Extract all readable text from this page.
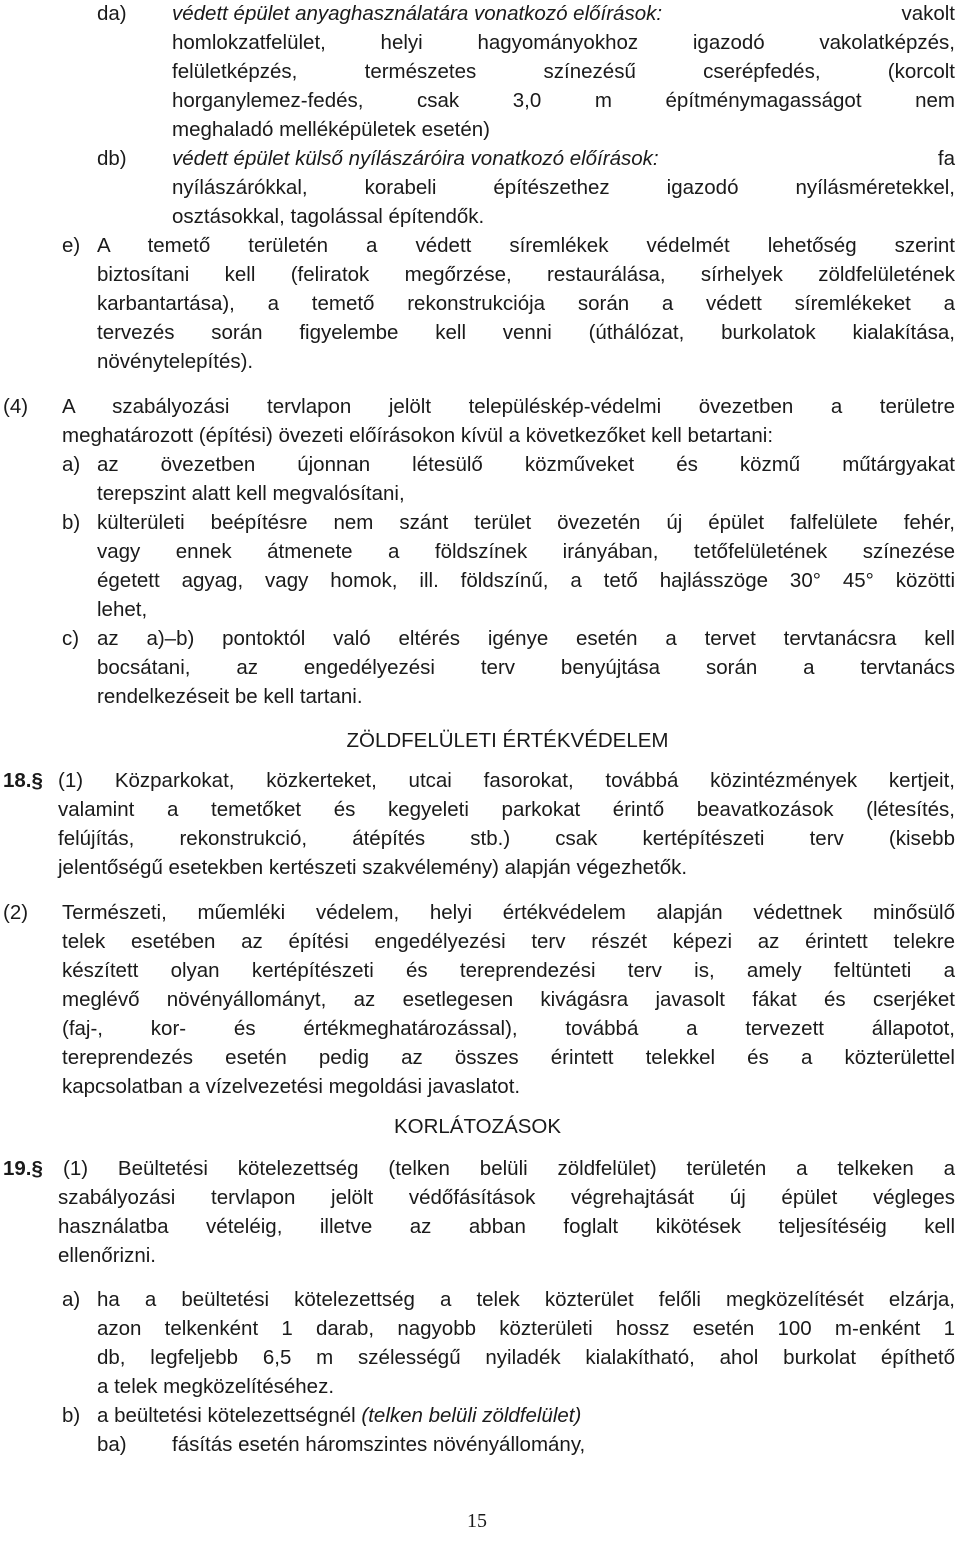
da) védett épület anyaghasználatára vonatkozó előírások:	vakolt
homlokzatfelület, helyi hagyományokhoz igazodó vakolatképzés,
felületképzés, természetes színezésű cserépfedés, (korcolt
horganylemez-fedés, csak 3,0 m építménymagasságot nem
meghaladó melléképületek esetén)
db) védett épület külső nyílászáróira vonatkozó előírások:	fa
nyílászárókkal, korabeli építészethez igazodó nyílásméretekkel,
osztásokkal, tagolással építendők.
e) A temető területén a védett síremlékek védelmét lehetőség szerint
biztosítani kell (feliratok megőrzése, restaurálása, sírhelyek zöldfelületének
karbantartása), a temető rekonstrukciója során a védett síremlékeket a
tervezés során figyelembe kell venni (úthálózat, burkolatok kialakítása,
növénytelepítés).
(4) A szabályozási tervlapon jelölt településkép-védelmi övezetben a területre
meghatározott (építési) övezeti előírásokon kívül a következőket kell betartani:
a) az övezetben újonnan létesülő közműveket és közmű műtárgyakat
terepszint alatt kell megvalósítani,
b) külterületi beépítésre nem szánt terület övezetén új épület falfelülete fehér,
vagy ennek átmenete a földszínek irányában, tetőfelületének színezése
égetett agyag, vagy homok, ill. földszínű, a tető hajlásszöge 30° 45° közötti
lehet,
c) az a)–b) pontoktól való eltérés igénye esetén a tervet tervtanácsra kell
bocsátani, az engedélyezési terv benyújtása során a tervtanács
rendelkezéseit be kell tartani.
ZÖLDFELÜLETI ÉRTÉKVÉDELEM
18.§ (1) Közparkokat, közkerteket, utcai fasorokat, továbbá közintézmények kertjeit,
valamint a temetőket és kegyeleti parkokat érintő beavatkozások (létesítés,
felújítás, rekonstrukció, átépítés stb.) csak kertépítészeti terv (kisebb
jelentőségű esetekben kertészeti szakvélemény) alapján végezhetők.
(2) Természeti, műemléki védelem, helyi értékvédelem alapján védettnek minősülő
telek esetében az építési engedélyezési terv részét képezi az érintett telekre
készített olyan kertépítészeti és tereprendezési terv is, amely feltünteti a
meglévő növényállományt, az esetlegesen kivágásra javasolt fákat és cserjéket
(faj-, kor- és értékmeghatározással), továbbá a tervezett állapotot,
tereprendezés esetén pedig az összes érintett telekkel és a közterülettel
kapcsolatban a vízelvezetési megoldási javaslatot.
KORLÁTOZÁSOK
19.§ (1) Beültetési kötelezettség (telken belüli zöldfelület) területén a telkeken a
szabályozási tervlapon jelölt védőfásítások végrehajtását új épület végleges
használatba vételéig, illetve az abban foglalt kikötések teljesítéséig kell
ellenőrizni.
a) ha a beültetési kötelezettség a telek közterület felőli megközelítését elzárja,
azon telkenként 1 darab, nagyobb közterületi hossz esetén 100 m-enként 1
db, legfeljebb 6,5 m szélességű nyiladék kialakítható, ahol burkolat építhető
a telek megközelítéséhez.
b) a beültetési kötelezettségnél (telken belüli zöldfelület)
ba) fásítás esetén háromszintes növényállomány,
15
